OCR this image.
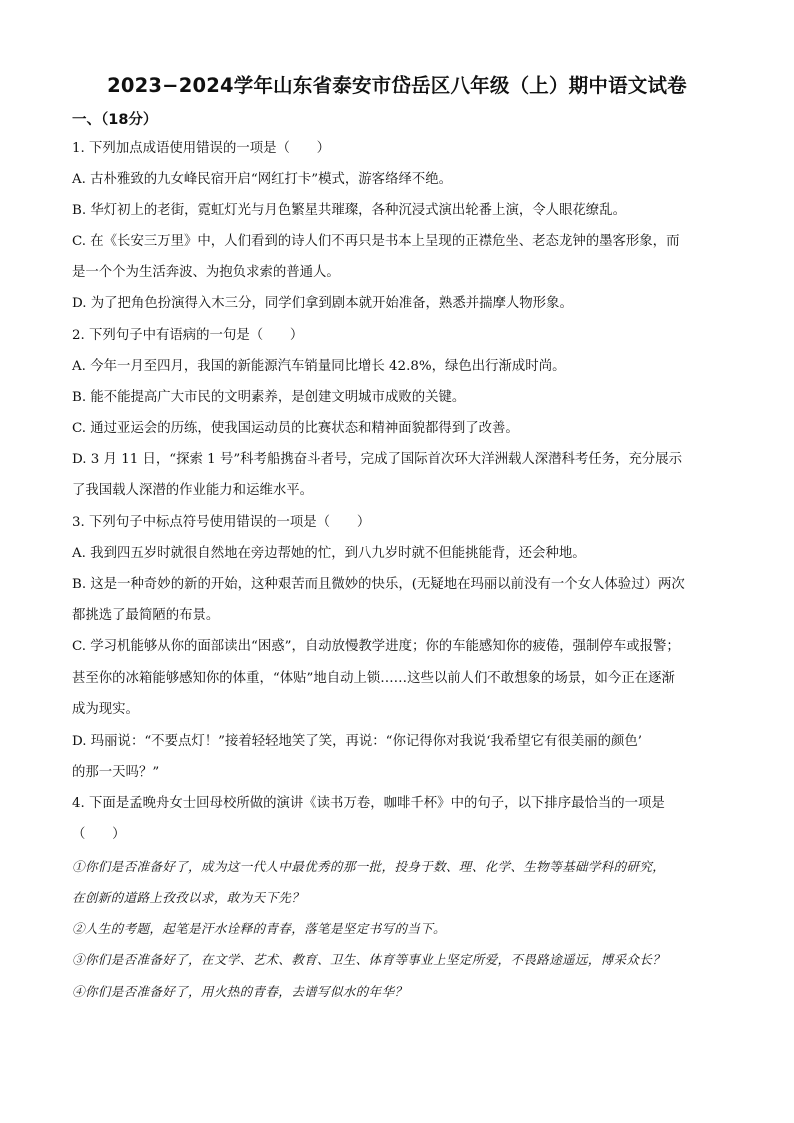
2023−2024学年山东省泰安市岱岳区八年级（上）期中语文试卷
一、（18分）
1. 下列加点成语使用错误的一项是（　　）
A. 古朴雅致的九女峰民宿开启“网红打卡”模式，游客络绎不绝。
B. 华灯初上的老街，霓虹灯光与月色繁星共璀璨，各种沉浸式演出轮番上演，令人眼花缭乱。
C. 在《长安三万里》中，人们看到的诗人们不再只是书本上呈现的正襟危坐、老态龙钟的墨客形象，而
是一个个为生活奔波、为抱负求索的普通人。
D. 为了把角色扮演得入木三分，同学们拿到剧本就开始准备，熟悉并揣摩人物形象。
2. 下列句子中有语病的一句是（　　）
A. 今年一月至四月，我国的新能源汽车销量同比增长 42.8%，绿色出行渐成时尚。
B. 能不能提高广大市民的文明素养，是创建文明城市成败的关键。
C. 通过亚运会的历练，使我国运动员的比赛状态和精神面貌都得到了改善。
D. 3 月 11 日，“探索 1 号”科考船携奋斗者号，完成了国际首次环大洋洲载人深潜科考任务，充分展示
了我国载人深潜的作业能力和运维水平。
3. 下列句子中标点符号使用错误的一项是（　　）
A. 我到四五岁时就很自然地在旁边帮她的忙，到八九岁时就不但能挑能背，还会种地。
B. 这是一种奇妙的新的开始，这种艰苦而且微妙的快乐，(无疑地在玛丽以前没有一个女人体验过）两次
都挑选了最简陋的布景。
C. 学习机能够从你的面部读出“困惑”，自动放慢教学进度；你的车能感知你的疲倦，强制停车或报警；
甚至你的冰箱能够感知你的体重，“体贴”地自动上锁……这些以前人们不敢想象的场景，如今正在逐渐
成为现实。
D. 玛丽说：“不要点灯！”接着轻轻地笑了笑，再说：“你记得你对我说‘我希望它有很美丽的颜色’
的那一天吗？”
4. 下面是孟晚舟女士回母校所做的演讲《读书万卷，咖啡千杯》中的句子，以下排序最恰当的一项是
（　　）
①你们是否准备好了，成为这一代人中最优秀的那一批，投身于数、理、化学、生物等基础学科的研究，
在创新的道路上孜孜以求，敢为天下先？
②人生的考题，起笔是汗水诠释的青春，落笔是坚定书写的当下。
③你们是否准备好了，在文学、艺术、教育、卫生、体育等事业上坚定所爱，不畏路途遥远，博采众长？
④你们是否准备好了，用火热的青春，去谱写似水的年华？
